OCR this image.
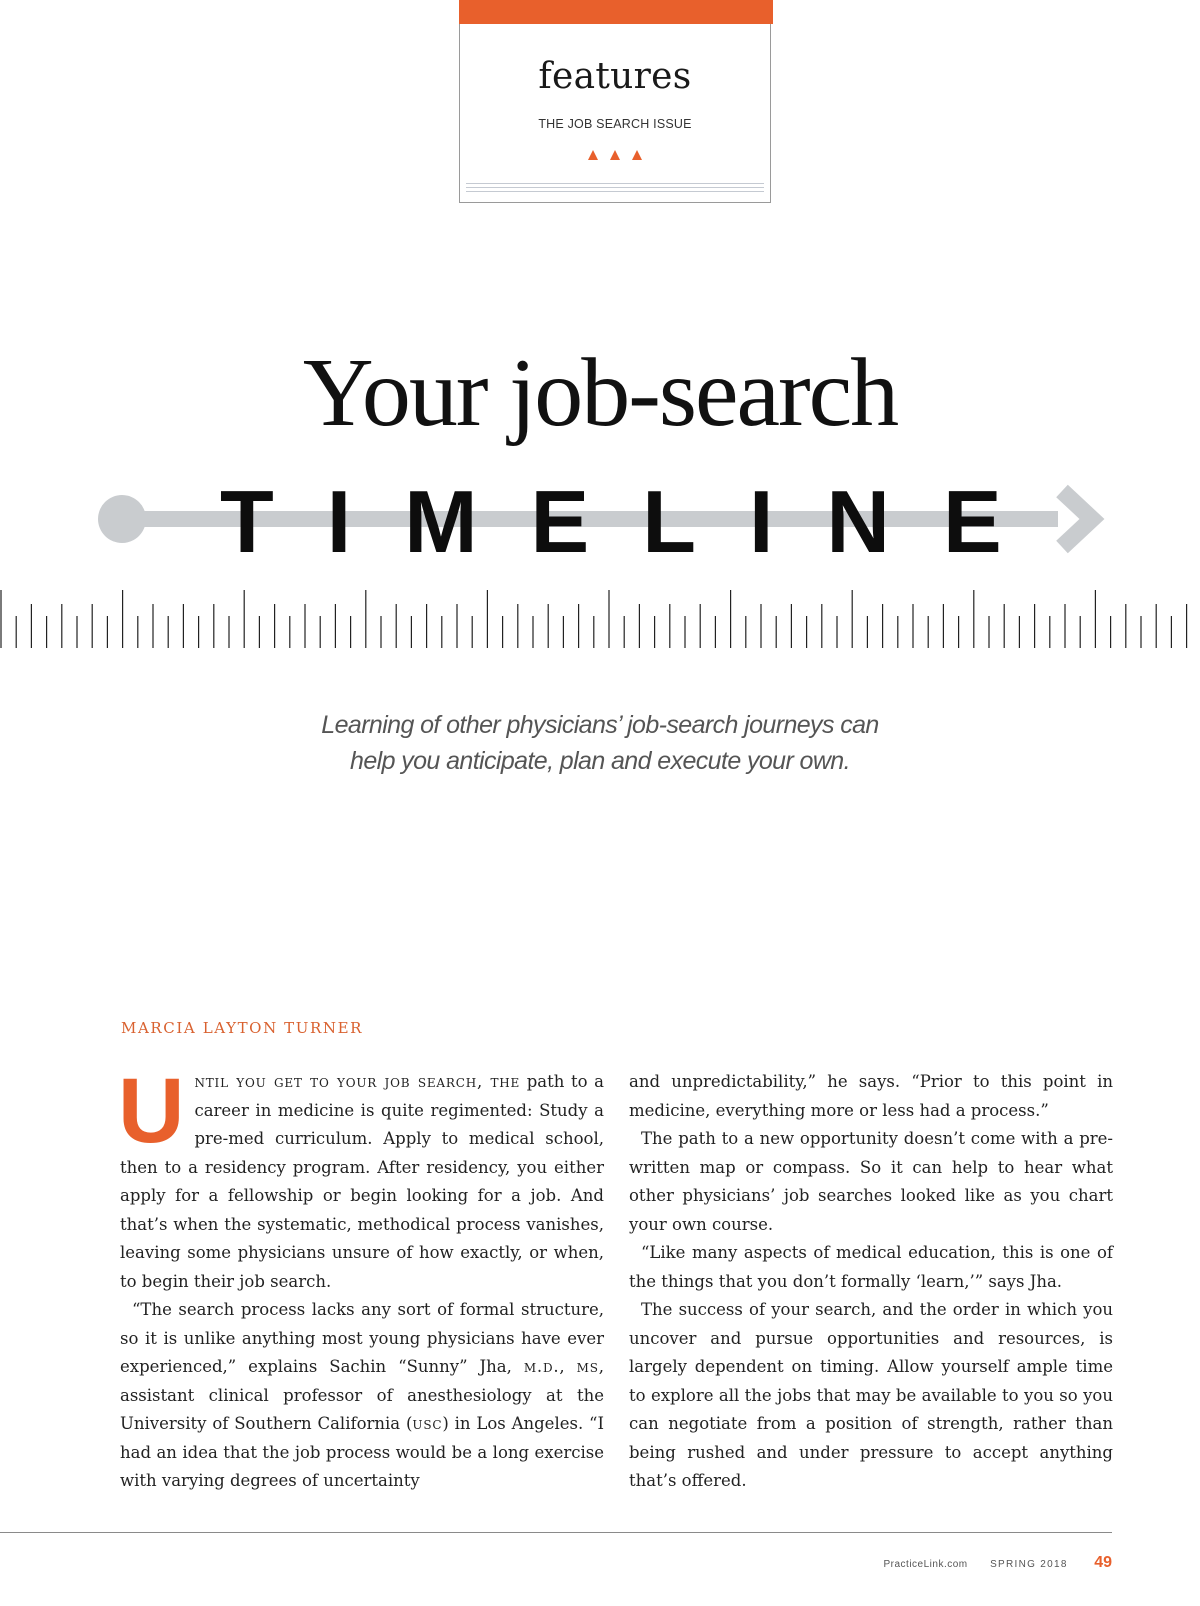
features
THE JOB SEARCH ISSUE
Your job-search
TIMELINE
Learning of other physicians’ job-search journeys can
help you anticipate, plan and execute your own.
MARCIA LAYTON TURNER

Until you get to your job search, the path to a career in medicine is quite regimented: Study a pre-med curriculum. Apply to medical school, then to a residency program. After residency, you either apply for a fellowship or begin looking for a job. And that’s when the systematic, methodical process vanishes, leaving some physicians unsure of how exactly, or when, to begin their job search.

“The search process lacks any sort of formal structure, so it is unlike anything most young physicians have ever experienced,” explains Sachin “Sunny” Jha, m.d., ms, assistant clinical professor of anesthesiology at the University of Southern California (usc) in Los Angeles. “I had an idea that the job process would be a long exercise with varying degrees of uncertainty

and unpredictability,” he says. “Prior to this point in medicine, everything more or less had a process.”

The path to a new opportunity doesn’t come with a pre-written map or compass. So it can help to hear what other physicians’ job searches looked like as you chart your own course.

“Like many aspects of medical education, this is one of the things that you don’t formally ‘learn,’” says Jha.

The success of your search, and the order in which you uncover and pursue opportunities and resources, is largely dependent on timing. Allow yourself ample time to explore all the jobs that may be available to you so you can negotiate from a position of strength, rather than being rushed and under pressure to accept anything that’s offered.

PracticeLink.com SPRING 2018 49
